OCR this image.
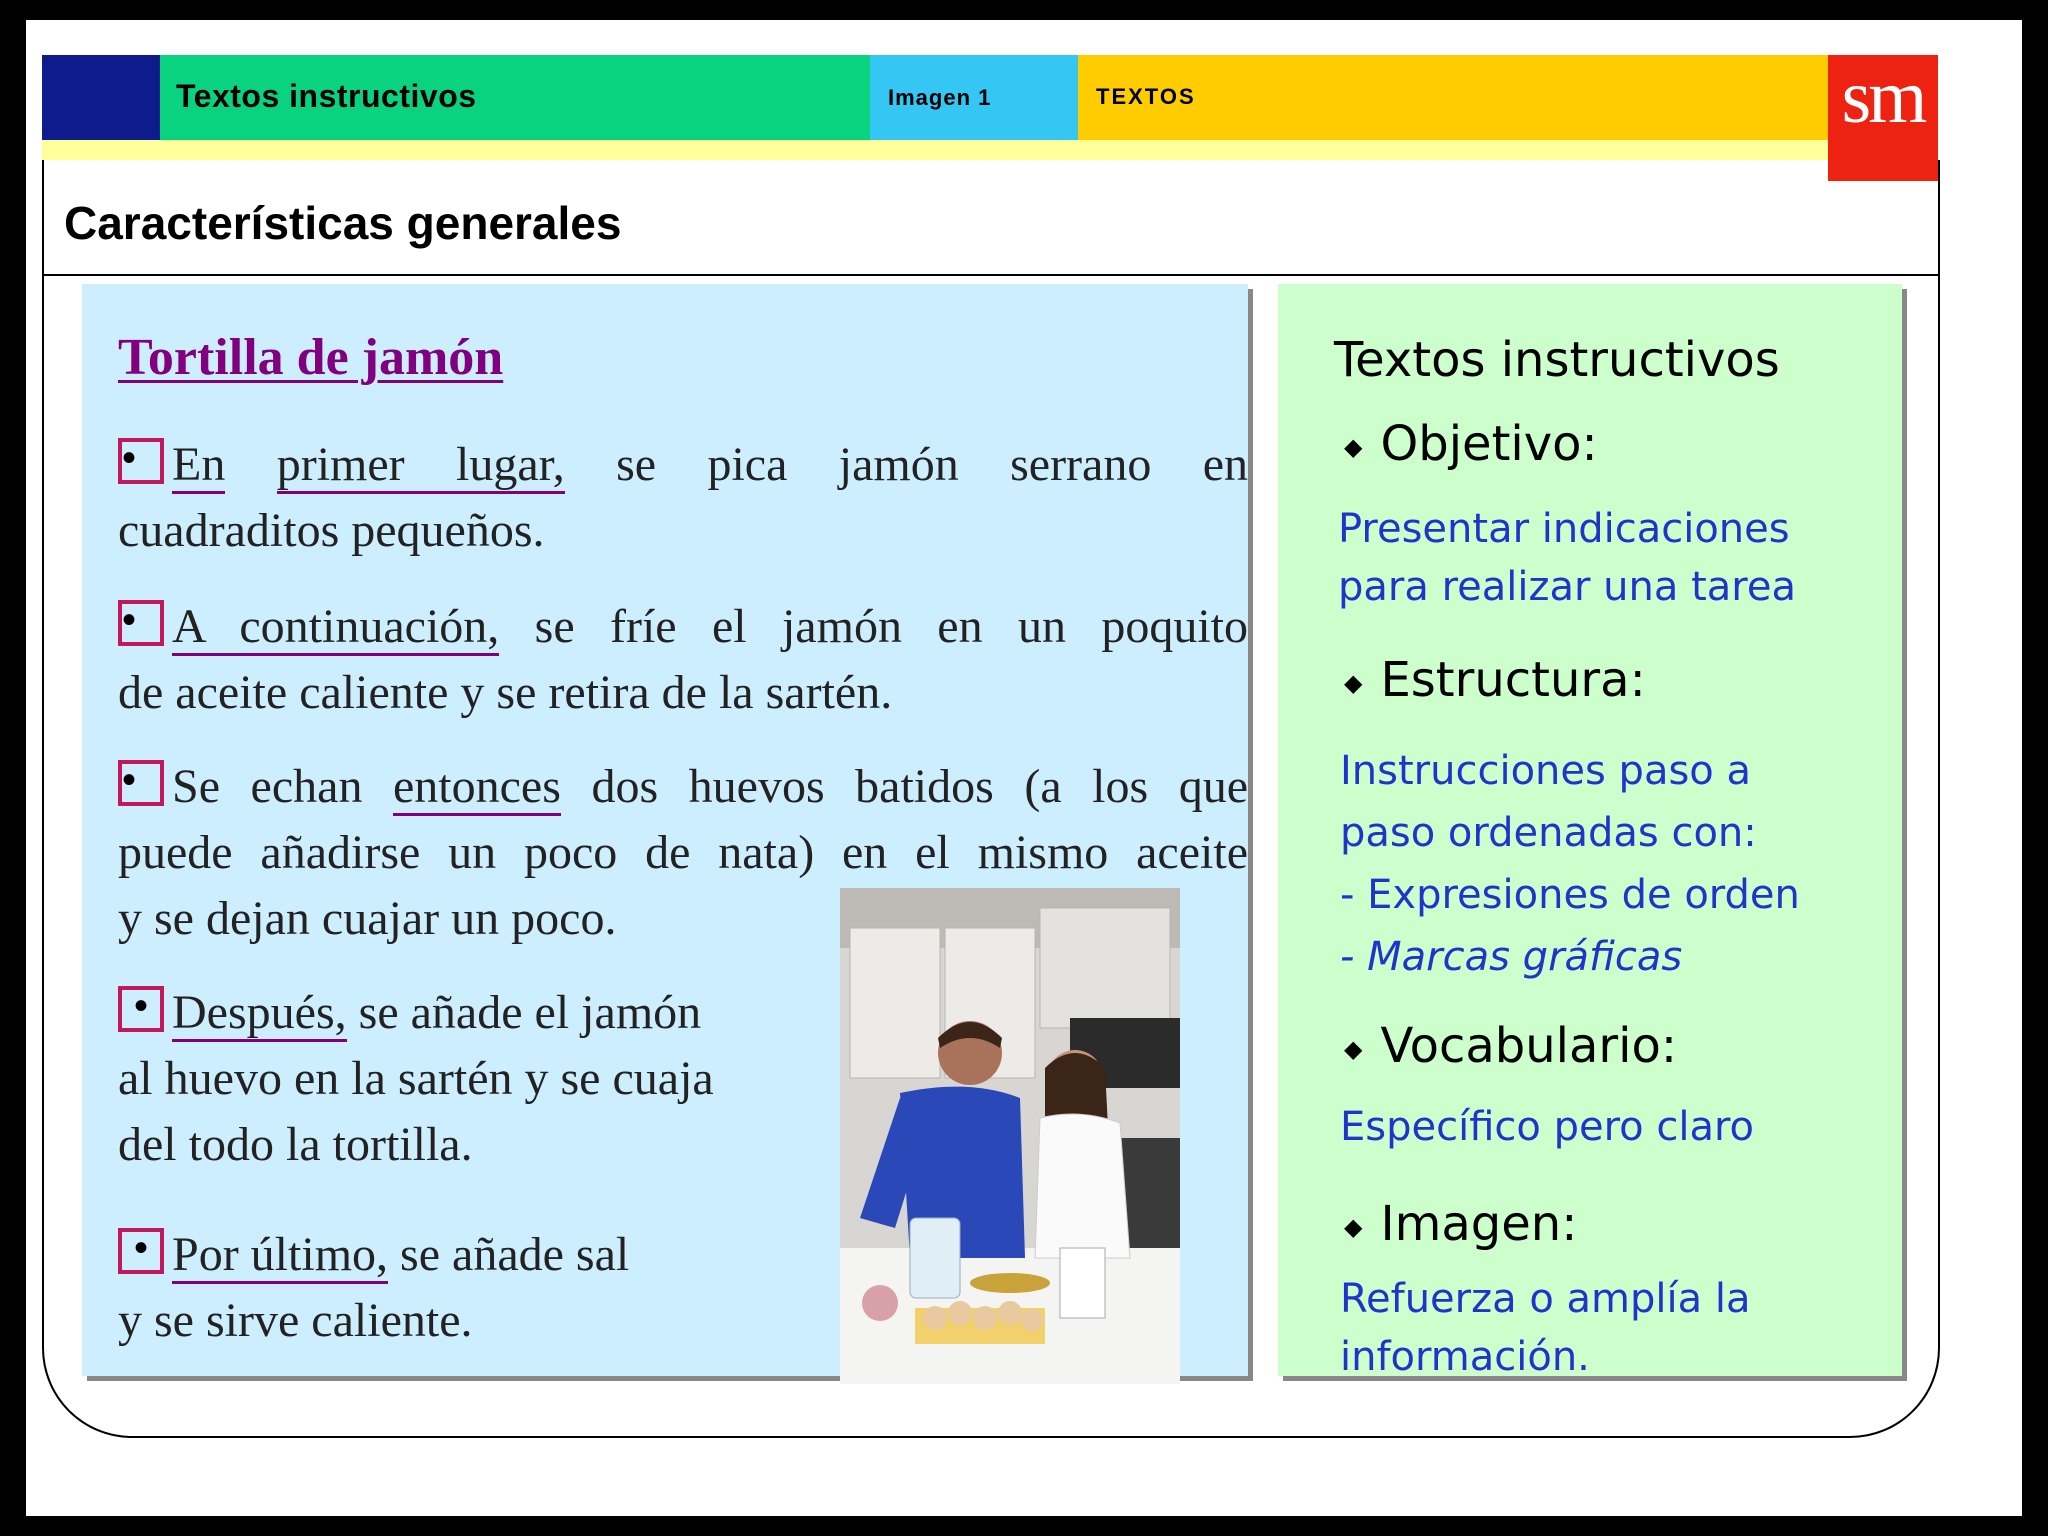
Textos instructivos	Imagen 1	TEXTOS	sm
Características generales
Tortilla de jamón
• En primer lugar, se pica jamón serrano en
cuadraditos pequeños.
• A continuación, se fríe el jamón en un poquito
de aceite caliente y se retira de la sartén.
• Se echan entonces dos huevos batidos (a los que
puede añadirse un poco de nata) en el mismo aceite
y se dejan cuajar un poco.
• Después, se añade el jamón
al huevo en la sartén y se cuaja
del todo la tortilla.
• Por último, se añade sal
y se sirve caliente.
Textos instructivos
◆ Objetivo:
Presentar indicaciones
para realizar una tarea
◆ Estructura:
Instrucciones paso a
paso ordenadas con:
- Expresiones de orden
- Marcas gráficas
◆ Vocabulario:
Específico pero claro
◆ Imagen:
Refuerza o amplía la
información.
